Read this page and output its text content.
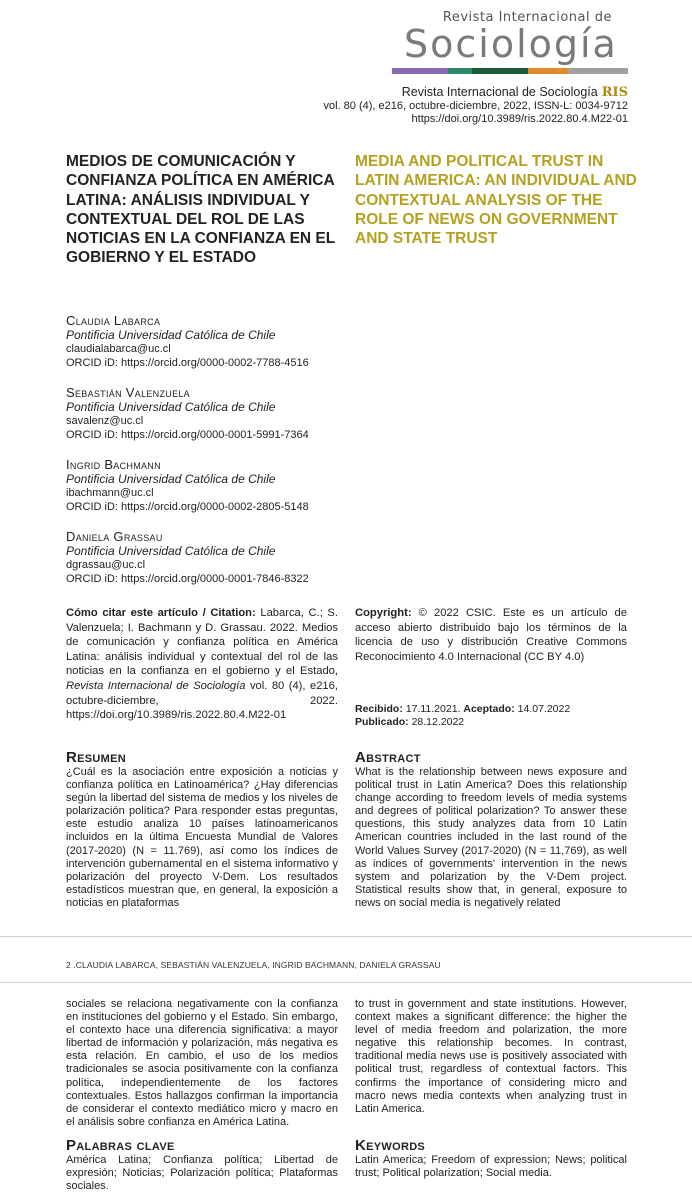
Revista Internacional de
Sociología
Revista Internacional de Sociología RIS
vol. 80 (4), e216, octubre-diciembre, 2022, ISSN-L: 0034-9712
https://doi.org/10.3989/ris.2022.80.4.M22-01
MEDIOS DE COMUNICACIÓN Y CONFIANZA POLÍTICA EN AMÉRICA LATINA: ANÁLISIS INDIVIDUAL Y CONTEXTUAL DEL ROL DE LAS NOTICIAS EN LA CONFIANZA EN EL GOBIERNO Y EL ESTADO
MEDIA AND POLITICAL TRUST IN LATIN AMERICA: AN INDIVIDUAL AND CONTEXTUAL ANALYSIS OF THE ROLE OF NEWS ON GOVERNMENT AND STATE TRUST
Claudia Labarca
Pontificia Universidad Católica de Chile
claudialabarca@uc.cl
ORCID iD: https://orcid.org/0000-0002-7788-4516
Sebastián Valenzuela
Pontificia Universidad Católica de Chile
savalenz@uc.cl
ORCID iD: https://orcid.org/0000-0001-5991-7364
Ingrid Bachmann
Pontificia Universidad Católica de Chile
ibachmann@uc.cl
ORCID iD: https://orcid.org/0000-0002-2805-5148
Daniela Grassau
Pontificia Universidad Católica de Chile
dgrassau@uc.cl
ORCID iD: https://orcid.org/0000-0001-7846-8322

Cómo citar este artículo / Citation: Labarca, C.; S. Valenzuela; I. Bachmann y D. Grassau. 2022. Medios de comunicación y confianza política en América Latina: análisis individual y contextual del rol de las noticias en la confianza en el gobierno y el Estado, Revista Internacional de Sociología vol. 80 (4), e216, octubre-diciembre, 2022. https://doi.org/10.3989/ris.2022.80.4.M22-01

Copyright: © 2022 CSIC. Este es un artículo de acceso abierto distribuido bajo los términos de la licencia de uso y distribución Creative Commons Reconocimiento 4.0 Internacional (CC BY 4.0)

Recibido: 17.11.2021. Aceptado: 14.07.2022
Publicado: 28.12.2022
Resumen

¿Cuál es la asociación entre exposición a noticias y confianza política en Latinoamérica? ¿Hay diferencias según la libertad del sistema de medios y los niveles de polarización política? Para responder estas preguntas, este estudio analiza 10 países latinoamericanos incluidos en la última Encuesta Mundial de Valores (2017-2020) (N = 11.769), así como los índices de intervención gubernamental en el sistema informativo y polarización del proyecto V-Dem. Los resultados estadísticos muestran que, en general, la exposición a noticias en plataformas

Abstract

What is the relationship between news exposure and political trust in Latin America? Does this relationship change according to freedom levels of media systems and degrees of political polarization? To answer these questions, this study analyzes data from 10 Latin American countries included in the last round of the World Values Survey (2017-2020) (N = 11,769), as well as indices of governments' intervention in the news system and polarization by the V-Dem project. Statistical results show that, in general, exposure to news on social media is negatively related

2 .CLAUDIA LABARCA, SEBASTIÁN VALENZUELA, INGRID BACHMANN, DANIELA GRASSAU

sociales se relaciona negativamente con la confianza en instituciones del gobierno y el Estado. Sin embargo, el contexto hace una diferencia significativa: a mayor libertad de información y polarización, más negativa es esta relación. En cambio, el uso de los medios tradicionales se asocia positivamente con la confianza política, independientemente de los factores contextuales. Estos hallazgos confirman la importancia de considerar el contexto mediático micro y macro en el análisis sobre confianza en América Latina.

to trust in government and state institutions. However, context makes a significant difference: the higher the level of media freedom and polarization, the more negative this relationship becomes. In contrast, traditional media news use is positively associated with political trust, regardless of contextual factors. This confirms the importance of considering micro and macro news media contexts when analyzing trust in Latin America.

Palabras clave

América Latina; Confianza política; Libertad de expresión; Noticias; Polarización política; Plataformas sociales.

Keywords

Latin America; Freedom of expression; News; political trust; Political polarization; Social media.
